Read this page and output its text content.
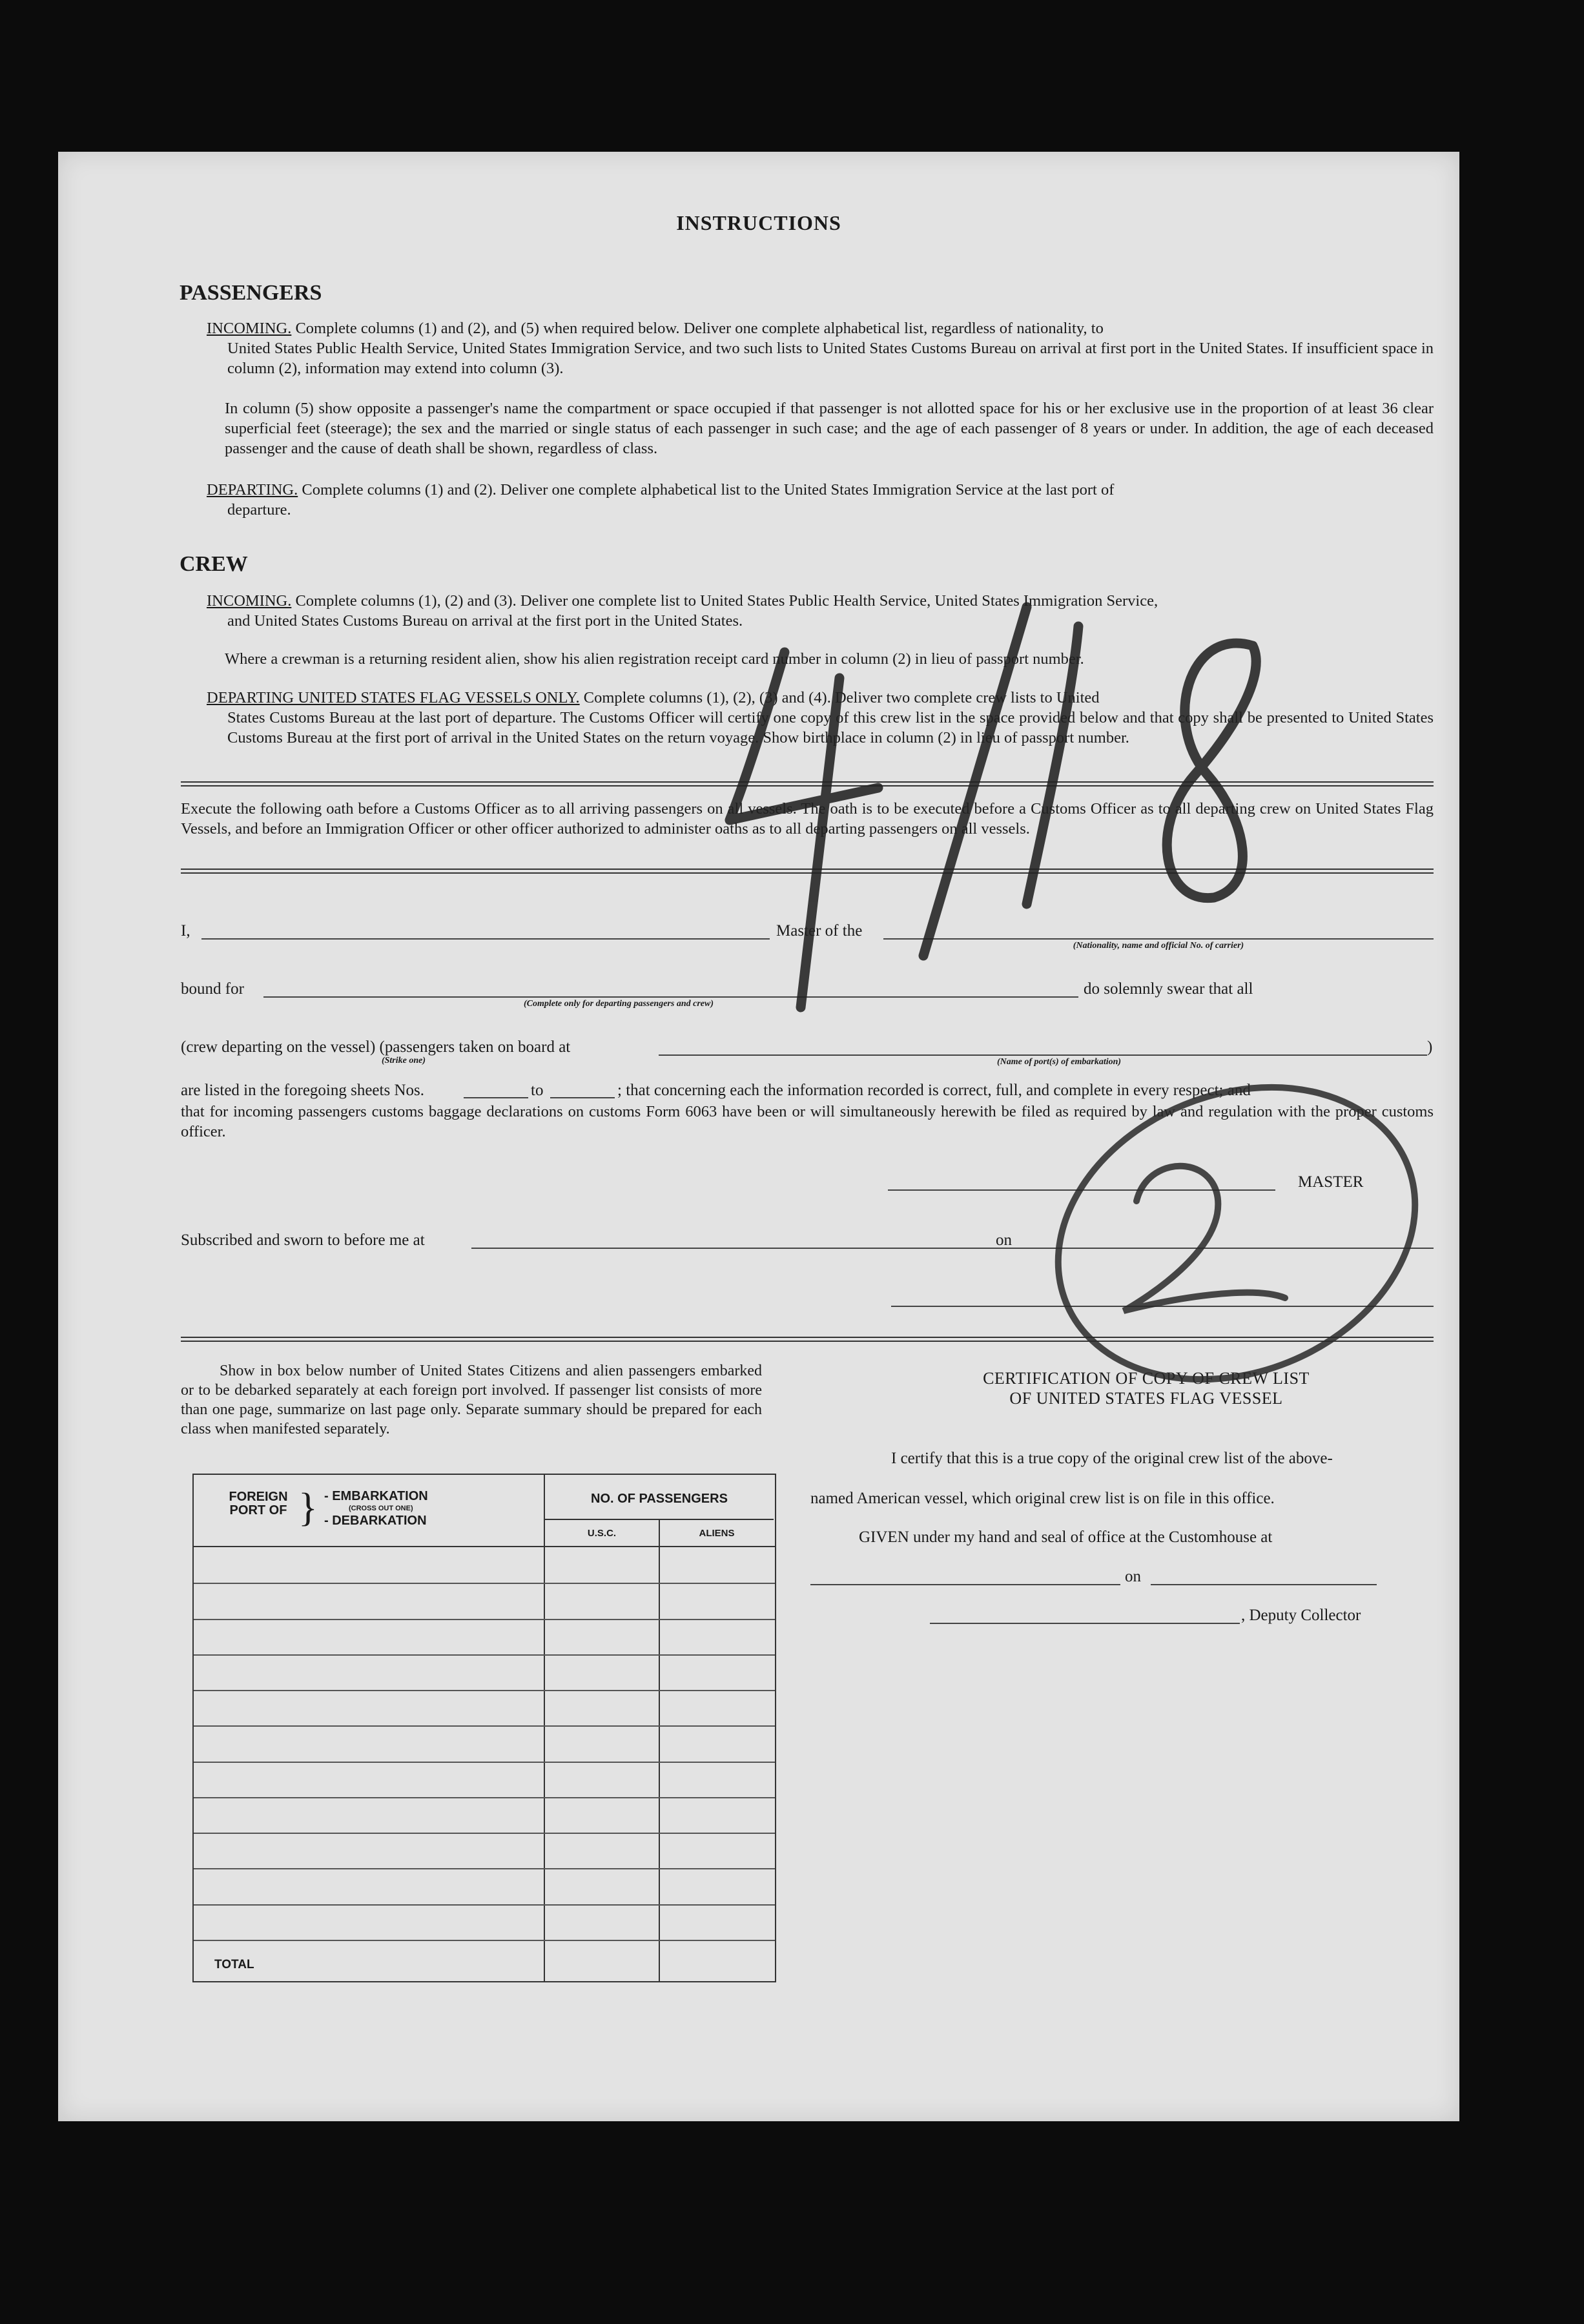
INSTRUCTIONS
PASSENGERS
INCOMING. Complete columns (1) and (2), and (5) when required below. Deliver one complete alphabetical list, regardless of nationality, to
United States Public Health Service, United States Immigration Service, and two such lists to United States Customs Bureau on arrival at first port in the United States. If insufficient space in column (2), information may extend into column (3).
In column (5) show opposite a passenger's name the compartment or space occupied if that passenger is not allotted space for his or her exclusive use in the proportion of at least 36 clear superficial feet (steerage); the sex and the married or single status of each passenger in such case; and the age of each passenger of 8 years or under. In addition, the age of each deceased passenger and the cause of death shall be shown, regardless of class.
DEPARTING. Complete columns (1) and (2). Deliver one complete alphabetical list to the United States Immigration Service at the last port of
departure.
CREW
INCOMING. Complete columns (1), (2) and (3). Deliver one complete list to United States Public Health Service, United States Immigration Service,
and United States Customs Bureau on arrival at the first port in the United States.
Where a crewman is a returning resident alien, show his alien registration receipt card number in column (2) in lieu of passport number.
DEPARTING UNITED STATES FLAG VESSELS ONLY. Complete columns (1), (2), (3) and (4). Deliver two complete crew lists to United
States Customs Bureau at the last port of departure. The Customs Officer will certify one copy of this crew list in the space provided below and that copy shall be presented to United States Customs Bureau at the first port of arrival in the United States on the return voyage. Show birthplace in column (2) in lieu of passport number.
Execute the following oath before a Customs Officer as to all arriving passengers on all vessels. The oath is to be executed before a Customs Officer as to all departing crew on United States Flag Vessels, and before an Immigration Officer or other officer authorized to administer oaths as to all departing passengers on all vessels.
I,	Master of the
(Nationality, name and official No. of carrier)
bound for
(Complete only for departing passengers and crew)
do solemnly swear that all
(crew departing on the vessel) (passengers taken on board at
(Strike one)
)
(Name of port(s) of embarkation)
are listed in the foregoing sheets Nos.	to	; that concerning each the information recorded is correct, full, and complete in every respect; and
that for incoming passengers customs baggage declarations on customs Form 6063 have been or will simultaneously herewith be filed as required by law and regulation with the proper customs officer.
MASTER
Subscribed and sworn to before me at	on
Show in box below number of United States Citizens and alien passengers embarked or to be debarked separately at each foreign port involved. If passenger list consists of more than one page, summarize on last page only. Separate summary should be prepared for each class when manifested separately.
FOREIGN PORT OF } - EMBARKATION
(CROSS OUT ONE)
- DEBARKATION
NO. OF PASSENGERS
U.S.C.	ALIENS
TOTAL
CERTIFICATION OF COPY OF CREW LIST
OF UNITED STATES FLAG VESSEL
I certify that this is a true copy of the original crew list of the above-
named American vessel, which original crew list is on file in this office.
GIVEN under my hand and seal of office at the Customhouse at
on
, Deputy Collector
